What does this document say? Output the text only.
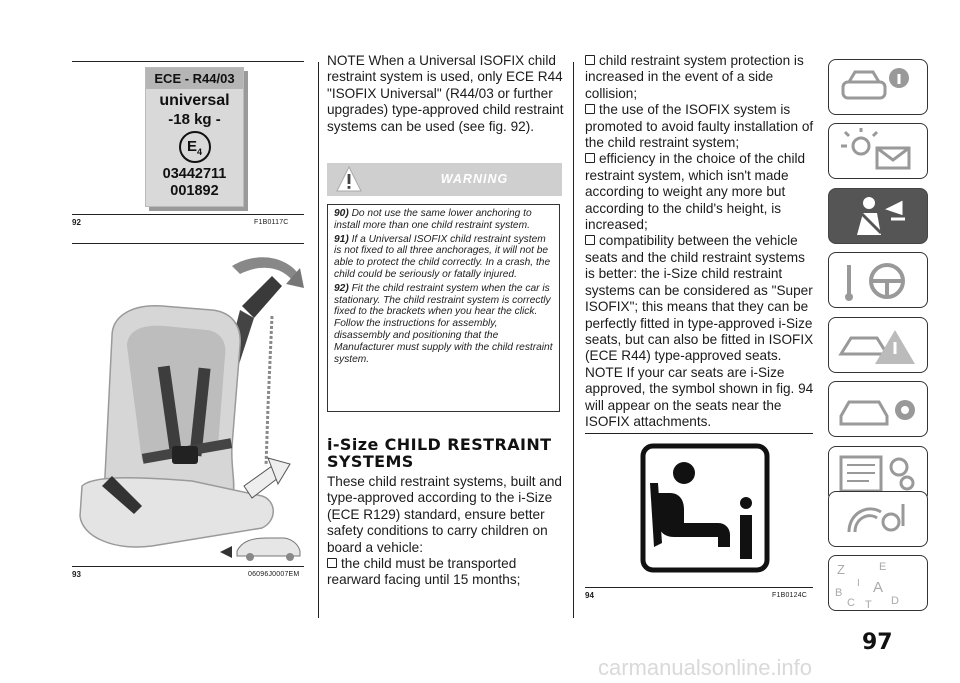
ECE - R44/03
universal
-18 kg -
$E_4$
03442711
001892
92	F1B0117C
93	06096J0007EM
NOTE When a Universal ISOFIX child restraint system is used, only ECE R44 "ISOFIX Universal" (R44/03 or further upgrades) type-approved child restraint systems can be used (see fig. 92).
WARNING

90) Do not use the same lower anchoring to install more than one child restraint system.

91) If a Universal ISOFIX child restraint system is not fixed to all three anchorages, it will not be able to protect the child correctly. In a crash, the child could be seriously or fatally injured.

92) Fit the child restraint system when the car is stationary. The child restraint system is correctly fixed to the brackets when you hear the click. Follow the instructions for assembly, disassembly and positioning that the Manufacturer must supply with the child restraint system.

i-Size CHILD RESTRAINT SYSTEMS

These child restraint systems, built and type-approved according to the i-Size (ECE R129) standard, ensure better safety conditions to carry children on board a vehicle:

the child must be transported rearward facing until 15 months;

child restraint system protection is increased in the event of a side collision;

the use of the ISOFIX system is promoted to avoid faulty installation of the child restraint system;

efficiency in the choice of the child restraint system, which isn't made according to weight any more but according to the child's height, is increased;

compatibility between the vehicle seats and the child restraint systems is better: the i-Size child restraint systems can be considered as "Super ISOFIX"; this means that they can be perfectly fitted in type-approved i-Size seats, but can also be fitted in ISOFIX (ECE R44) type-approved seats.

NOTE If your car seats are i-Size approved, the symbol shown in fig. 94 will appear on the seats near the ISOFIX attachments.

94	F1B0124C
Z	E
B A
C T D
I
97
carmanualsonline.info
